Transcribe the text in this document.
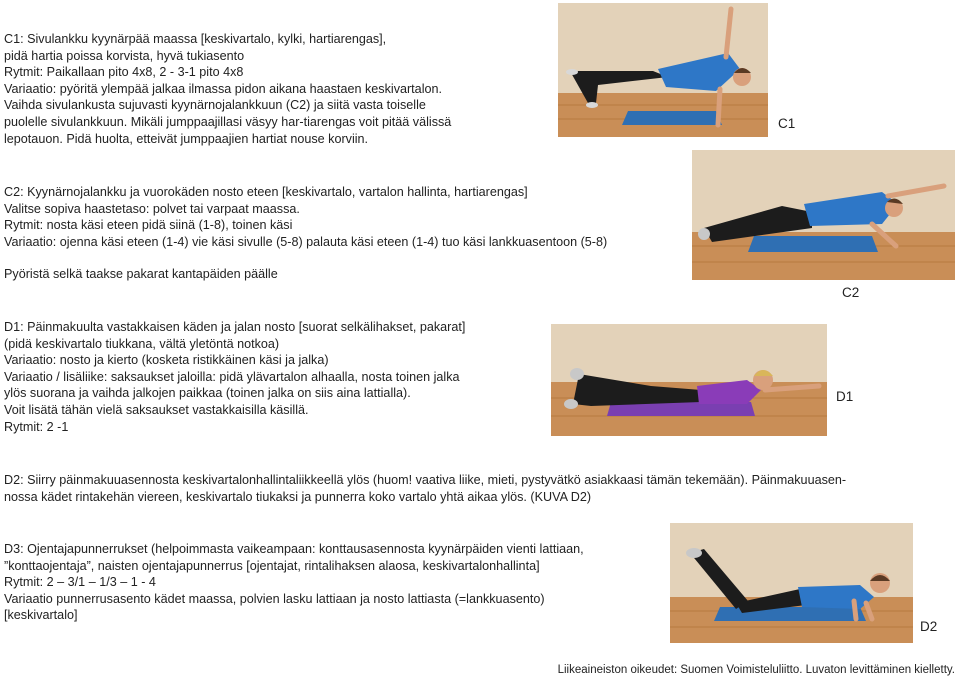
C1: Sivulankku kyynärpää maassa [keskivartalo, kylki, hartiarengas],
pidä hartia poissa korvista, hyvä tukiasento
Rytmit: Paikallaan pito 4x8, 2 - 3-1 pito 4x8
Variaatio: pyöritä ylempää jalkaa ilmassa pidon aikana haastaen keskivartalon.
Vaihda sivulankusta sujuvasti kyynärnojalankkuun (C2) ja siitä vasta toiselle
puolelle sivulankkuun. Mikäli jumppaajillasi väsyy har-tiarengas voit pitää välissä
lepotauon. Pidä huolta, etteivät jumppaajien hartiat nouse korviin.
C1
C2: Kyynärnojalankku ja vuorokäden nosto eteen [keskivartalo, vartalon hallinta, hartiarengas]
Valitse sopiva haastetaso: polvet tai varpaat maassa.
Rytmit: nosta käsi eteen pidä siinä (1-8), toinen käsi
Variaatio: ojenna käsi eteen (1-4) vie käsi sivulle (5-8) palauta käsi eteen (1-4) tuo käsi lankkuasentoon (5-8)
Pyöristä selkä taakse pakarat kantapäiden päälle
C2
D1: Päinmakuulta vastakkaisen käden ja jalan nosto [suorat selkälihakset, pakarat]
(pidä keskivartalo tiukkana, vältä yletöntä notkoa)
Variaatio: nosto ja kierto (kosketa ristikkäinen käsi ja jalka)
Variaatio / lisäliike: saksaukset jaloilla: pidä ylävartalon alhaalla, nosta toinen jalka
ylös suorana ja vaihda jalkojen paikkaa (toinen jalka on siis aina lattialla).
Voit lisätä tähän vielä saksaukset vastakkaisilla käsillä.
Rytmit: 2 -1
D1
D2: Siirry päinmakuuasennosta keskivartalonhallintaliikkeellä ylös (huom! vaativa liike, mieti, pystyvätkö asiakkaasi tämän tekemään). Päinmakuuasen-
nossa kädet rintakehän viereen, keskivartalo tiukaksi ja punnerra koko vartalo yhtä aikaa ylös. (KUVA D2)
D3: Ojentajapunnerrukset (helpoimmasta vaikeampaan: konttausasennosta kyynärpäiden vienti lattiaan,
”konttaojentaja”, naisten ojentajapunnerrus [ojentajat, rintalihaksen alaosa, keskivartalonhallinta]
Rytmit: 2 – 3/1 – 1/3 – 1 - 4
Variaatio punnerrusasento kädet maassa, polvien lasku lattiaan ja nosto lattiasta (=lankkuasento)
[keskivartalo]
D2
Liikeaineiston oikeudet: Suomen Voimisteluliitto. Luvaton levittäminen kielletty.
